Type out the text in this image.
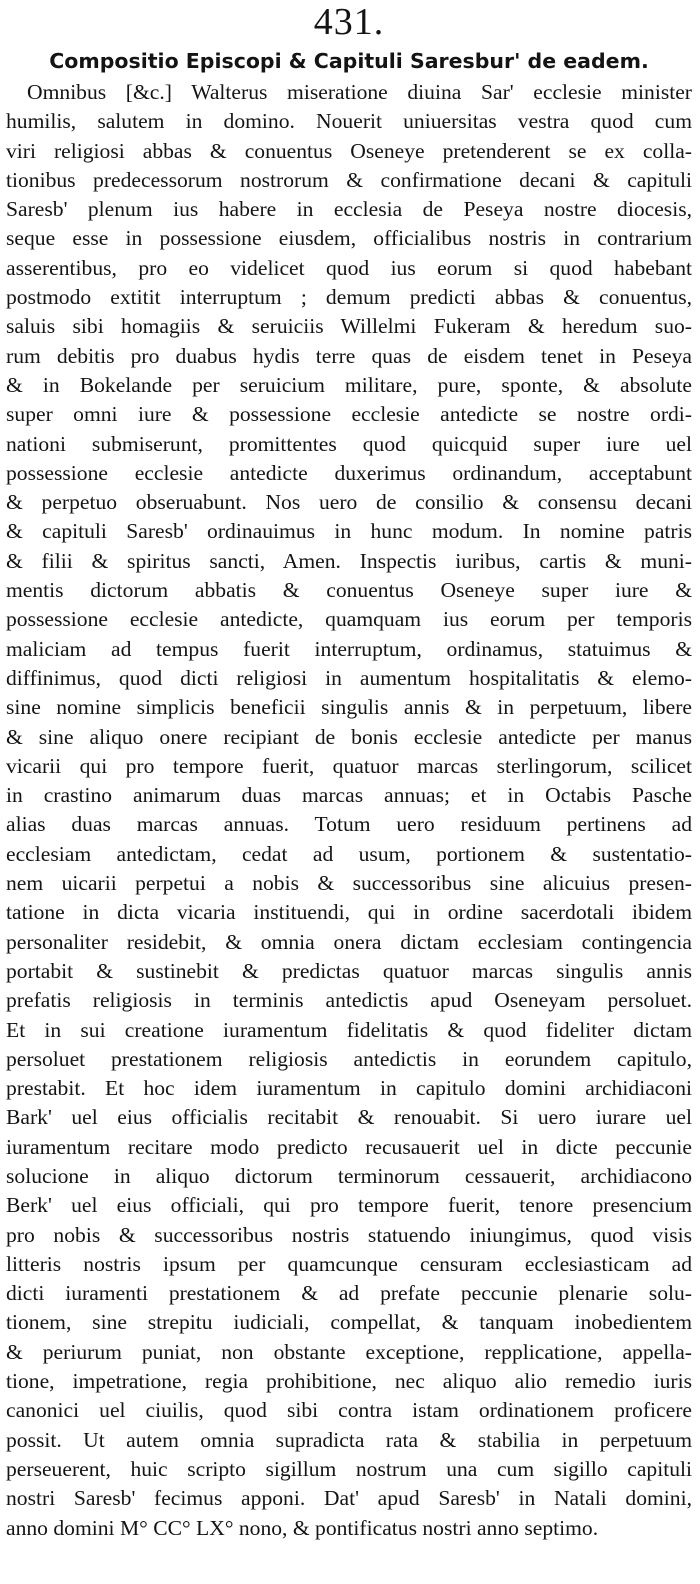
431.
Compositio Episcopi & Capituli Saresbur' de eadem.
Omnibus [&c.] Walterus miseratione diuina Sar' ecclesie minister
humilis, salutem in domino. Nouerit uniuersitas vestra quod cum
viri religiosi abbas & conuentus Oseneye pretenderent se ex colla-
tionibus predecessorum nostrorum & confirmatione decani & capituli
Saresb' plenum ius habere in ecclesia de Peseya nostre diocesis,
seque esse in possessione eiusdem, officialibus nostris in contrarium
asserentibus, pro eo videlicet quod ius eorum si quod habebant
postmodo extitit interruptum ; demum predicti abbas & conuentus,
saluis sibi homagiis & seruiciis Willelmi Fukeram & heredum suo-
rum debitis pro duabus hydis terre quas de eisdem tenet in Peseya
& in Bokelande per seruicium militare, pure, sponte, & absolute
super omni iure & possessione ecclesie antedicte se nostre ordi-
nationi submiserunt, promittentes quod quicquid super iure uel
possessione ecclesie antedicte duxerimus ordinandum, acceptabunt
& perpetuo obseruabunt. Nos uero de consilio & consensu decani
& capituli Saresb' ordinauimus in hunc modum. In nomine patris
& filii & spiritus sancti, Amen. Inspectis iuribus, cartis & muni-
mentis dictorum abbatis & conuentus Oseneye super iure &
possessione ecclesie antedicte, quamquam ius eorum per temporis
maliciam ad tempus fuerit interruptum, ordinamus, statuimus &
diffinimus, quod dicti religiosi in aumentum hospitalitatis & elemo-
sine nomine simplicis beneficii singulis annis & in perpetuum, libere
& sine aliquo onere recipiant de bonis ecclesie antedicte per manus
vicarii qui pro tempore fuerit, quatuor marcas sterlingorum, scilicet
in crastino animarum duas marcas annuas; et in Octabis Pasche
alias duas marcas annuas. Totum uero residuum pertinens ad
ecclesiam antedictam, cedat ad usum, portionem & sustentatio-
nem uicarii perpetui a nobis & successoribus sine alicuius presen-
tatione in dicta vicaria instituendi, qui in ordine sacerdotali ibidem
personaliter residebit, & omnia onera dictam ecclesiam contingencia
portabit & sustinebit & predictas quatuor marcas singulis annis
prefatis religiosis in terminis antedictis apud Oseneyam persoluet.
Et in sui creatione iuramentum fidelitatis & quod fideliter dictam
persoluet prestationem religiosis antedictis in eorundem capitulo,
prestabit. Et hoc idem iuramentum in capitulo domini archidiaconi
Bark' uel eius officialis recitabit & renouabit. Si uero iurare uel
iuramentum recitare modo predicto recusauerit uel in dicte peccunie
solucione in aliquo dictorum terminorum cessauerit, archidiacono
Berk' uel eius officiali, qui pro tempore fuerit, tenore presencium
pro nobis & successoribus nostris statuendo iniungimus, quod visis
litteris nostris ipsum per quamcunque censuram ecclesiasticam ad
dicti iuramenti prestationem & ad prefate peccunie plenarie solu-
tionem, sine strepitu iudiciali, compellat, & tanquam inobedientem
& periurum puniat, non obstante exceptione, repplicatione, appella-
tione, impetratione, regia prohibitione, nec aliquo alio remedio iuris
canonici uel ciuilis, quod sibi contra istam ordinationem proficere
possit. Ut autem omnia supradicta rata & stabilia in perpetuum
perseuerent, huic scripto sigillum nostrum una cum sigillo capituli
nostri Saresb' fecimus apponi. Dat' apud Saresb' in Natali domini,
anno domini M° CC° LX° nono, & pontificatus nostri anno septimo.
